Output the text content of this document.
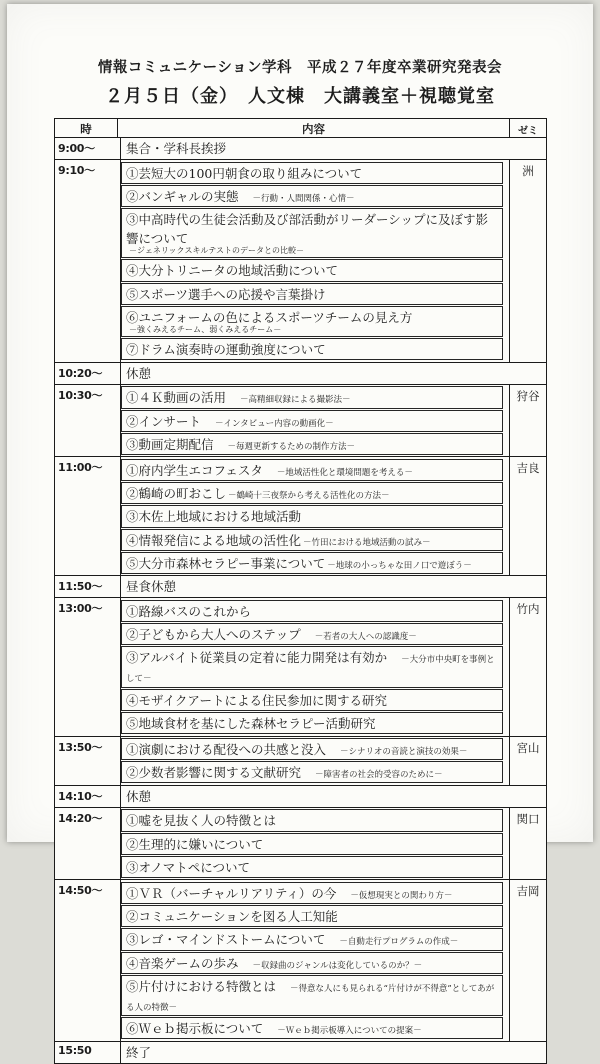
情報コミュニケーション学科　平成２７年度卒業研究発表会
２月５日（金）　人文棟　大講義室＋視聴覚室
時	内容	ゼミ
9:00～	集合・学科長挨拶
9:10～	①芸短大の100円朝食の取り組みについて
②バンギャルの実態 －行動・人間関係・心情－
③中高時代の生徒会活動及び部活動がリーダーシップに及ぼす影響について
－ジェネリックスキルテストのデータとの比較－
④大分トリニータの地域活動について
⑤スポーツ選手への応援や言葉掛け
⑥ユニフォームの色によるスポーツチームの見え方
－強くみえるチーム、弱くみえるチーム－
⑦ドラム演奏時の運動強度について
洲
10:20～	休憩
10:30～	①４Ｋ動画の活用 －高精細収録による撮影法－
②インサート －インタビュー内容の動画化－
③動画定期配信 －毎週更新するための制作方法－
狩谷
11:00～	①府内学生エコフェスタ －地域活性化と環境問題を考える－
②鶴崎の町おこし －鶴崎十三夜祭から考える活性化の方法－
③木佐上地域における地域活動
④情報発信による地域の活性化 －竹田における地域活動の試み－
⑤大分市森林セラピー事業について －地球の小っちゃな田ノ口で遊ぼう－
吉良
11:50～	昼食休憩
13:00～	①路線バスのこれから
②子どもから大人へのステップ －若者の大人への認識度－
③アルバイト従業員の定着に能力開発は有効か －大分市中央町を事例として－
④モザイクアートによる住民参加に関する研究
⑤地域食材を基にした森林セラピー活動研究
竹内
13:50～	①演劇における配役への共感と没入 －シナリオの音読と演技の効果－
②少数者影響に関する文献研究 －障害者の社会的受容のために－
宮山
14:10～	休憩
14:20～	①嘘を見抜く人の特徴とは
②生理的に嫌いについて
③オノマトペについて
関口
14:50～	①ＶＲ（バーチャルリアリティ）の今 －仮想現実との関わり方－
②コミュニケーションを図る人工知能
③レゴ・マインドストームについて －自動走行プログラムの作成－
④音楽ゲームの歩み －収録曲のジャンルは変化しているのか？－
⑤片付けにおける特徴とは －得意な人にも見られる“片付けが不得意”としてあがる人の特徴－
⑥Ｗｅｂ掲示板について －Ｗｅｂ掲示板導入についての提案－
吉岡
15:50	終了
